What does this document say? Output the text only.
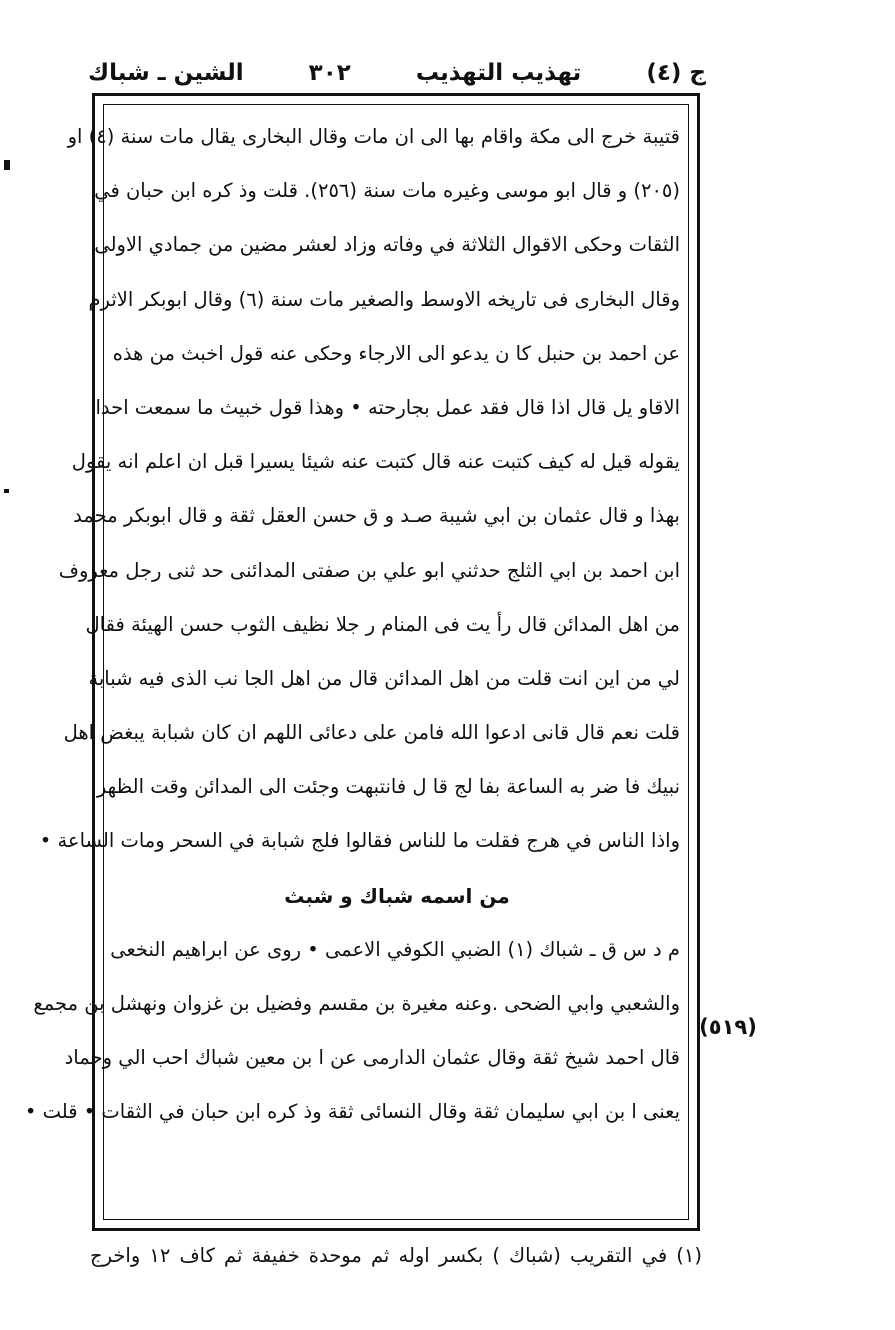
ج (٤)
تهذيب التهذيب
٣٠٢
الشين ـ شباك
قتيبة خرج الى مكة واقام بها الى ان مات وقال البخارى يقال مات سنة (٤) او
(٢٠٥) و قال ابو موسى وغيره مات سنة (٢٥٦). قلت وذ كره ابن حبان في
الثقات وحكى الاقوال الثلاثة في وفاته وزاد لعشر مضين من جمادي الاولى
وقال البخارى فى تاريخه الاوسط والصغير مات سنة (٦) وقال ابوبكر الاثرم
عن احمد بن حنبل كا ن يدعو الى الارجاء وحكى عنه قول اخبث من هذه
الاقاو يل قال اذا قال فقد عمل بجارحته • وهذا قول خبيث ما سمعت احدا
يقوله قيل له كيف كتبت عنه قال كتبت عنه شيئا يسيرا قبل ان اعلم انه يقول
بهذا و قال عثمان بن ابي شيبة صـد و ق حسن العقل ثقة و قال ابوبكر محمد
ابن احمد بن ابي الثلج حدثني ابو علي بن صفتى المدائنى حد ثنى رجل معروف
من اهل المدائن قال رأ يت فى المنام ر جلا نظيف الثوب حسن الهيئة فقال
لي من اين انت قلت من اهل المدائن قال من اهل الجا نب الذى فيه شبابة
قلت نعم قال قانى ادعوا الله فامن على دعائى اللهم ان كان شبابة يبغض اهل
نبيك فا ضر به الساعة بفا لج قا ل فانتبهت وجئت الى المدائن وقت الظهر
واذا الناس في هرج فقلت ما للناس فقالوا فلج شبابة في السحر ومات الساعة •
من اسمه شباك و شبث
م د س ق ـ شباك (١) الضبي الكوفي الاعمى • روى عن ابراهيم النخعى
والشعبي وابي الضحى .وعنه مغيرة بن مقسم وفضيل بن غزوان ونهشل بن مجمع
قال احمد شيخ ثقة وقال عثمان الدارمى عن ا بن معين شباك احب الي وحماد
يعنى ا بن ابي سليمان ثقة وقال النسائى ثقة وذ كره ابن حبان في الثقات • قلت •
(٥١٩)
(١) في التقريب (شباك ) بكسر اوله ثم موحدة خفيفة ثم كاف ١٢ واخرج
